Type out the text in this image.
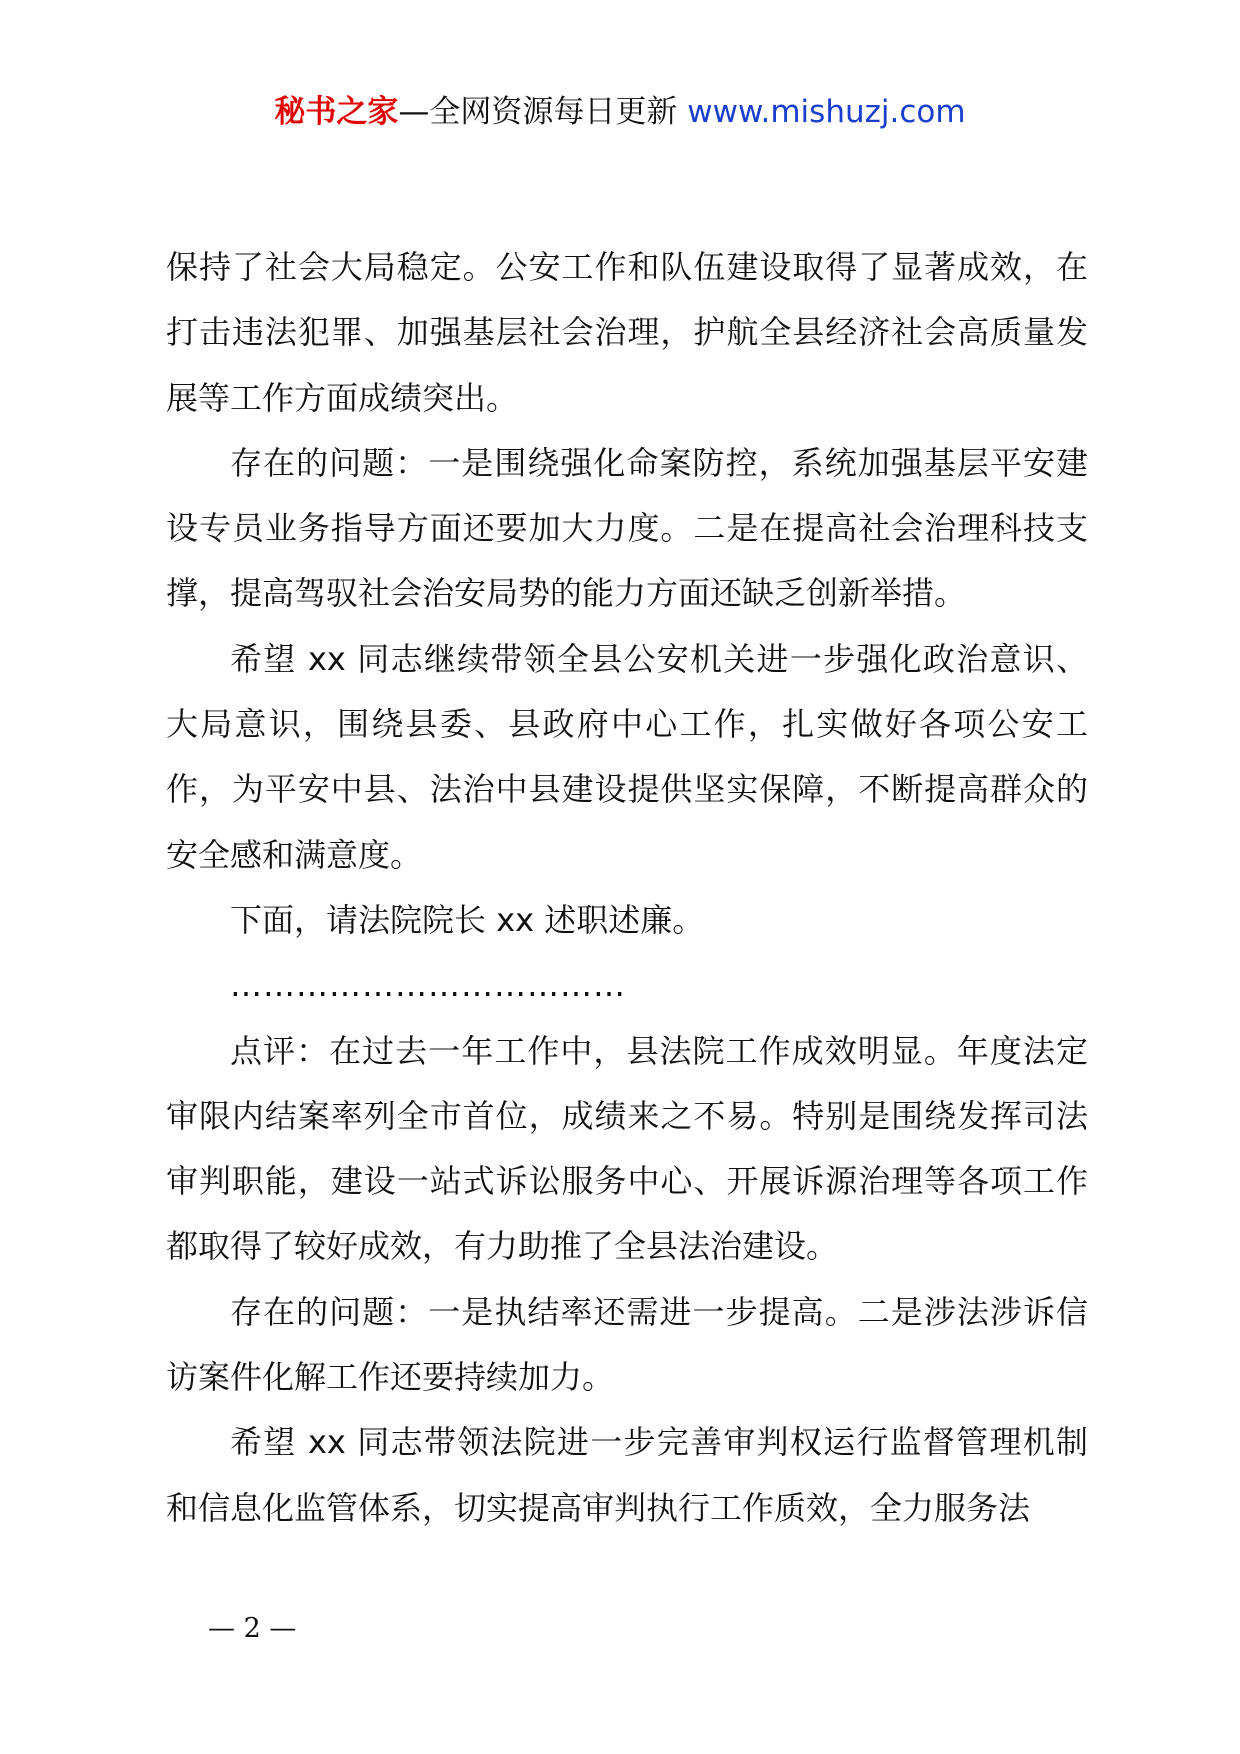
秘书之家—全网资源每日更新 www.mishuzj.com

保持了社会大局稳定。公安工作和队伍建设取得了显著成效，在打击违法犯罪、加强基层社会治理，护航全县经济社会高质量发展等工作方面成绩突出。

存在的问题：一是围绕强化命案防控，系统加强基层平安建设专员业务指导方面还要加大力度。二是在提高社会治理科技支撑，提高驾驭社会治安局势的能力方面还缺乏创新举措。

希望 xx 同志继续带领全县公安机关进一步强化政治意识、大局意识，围绕县委、县政府中心工作，扎实做好各项公安工作，为平安中县、法治中县建设提供坚实保障，不断提高群众的安全感和满意度。

下面，请法院院长 xx 述职述廉。

………………………………

点评：在过去一年工作中，县法院工作成效明显。年度法定审限内结案率列全市首位，成绩来之不易。特别是围绕发挥司法审判职能，建设一站式诉讼服务中心、开展诉源治理等各项工作都取得了较好成效，有力助推了全县法治建设。

存在的问题：一是执结率还需进一步提高。二是涉法涉诉信访案件化解工作还要持续加力。

希望 xx 同志带领法院进一步完善审判权运行监督管理机制和信息化监管体系，切实提高审判执行工作质效，全力服务法

— 2 —
